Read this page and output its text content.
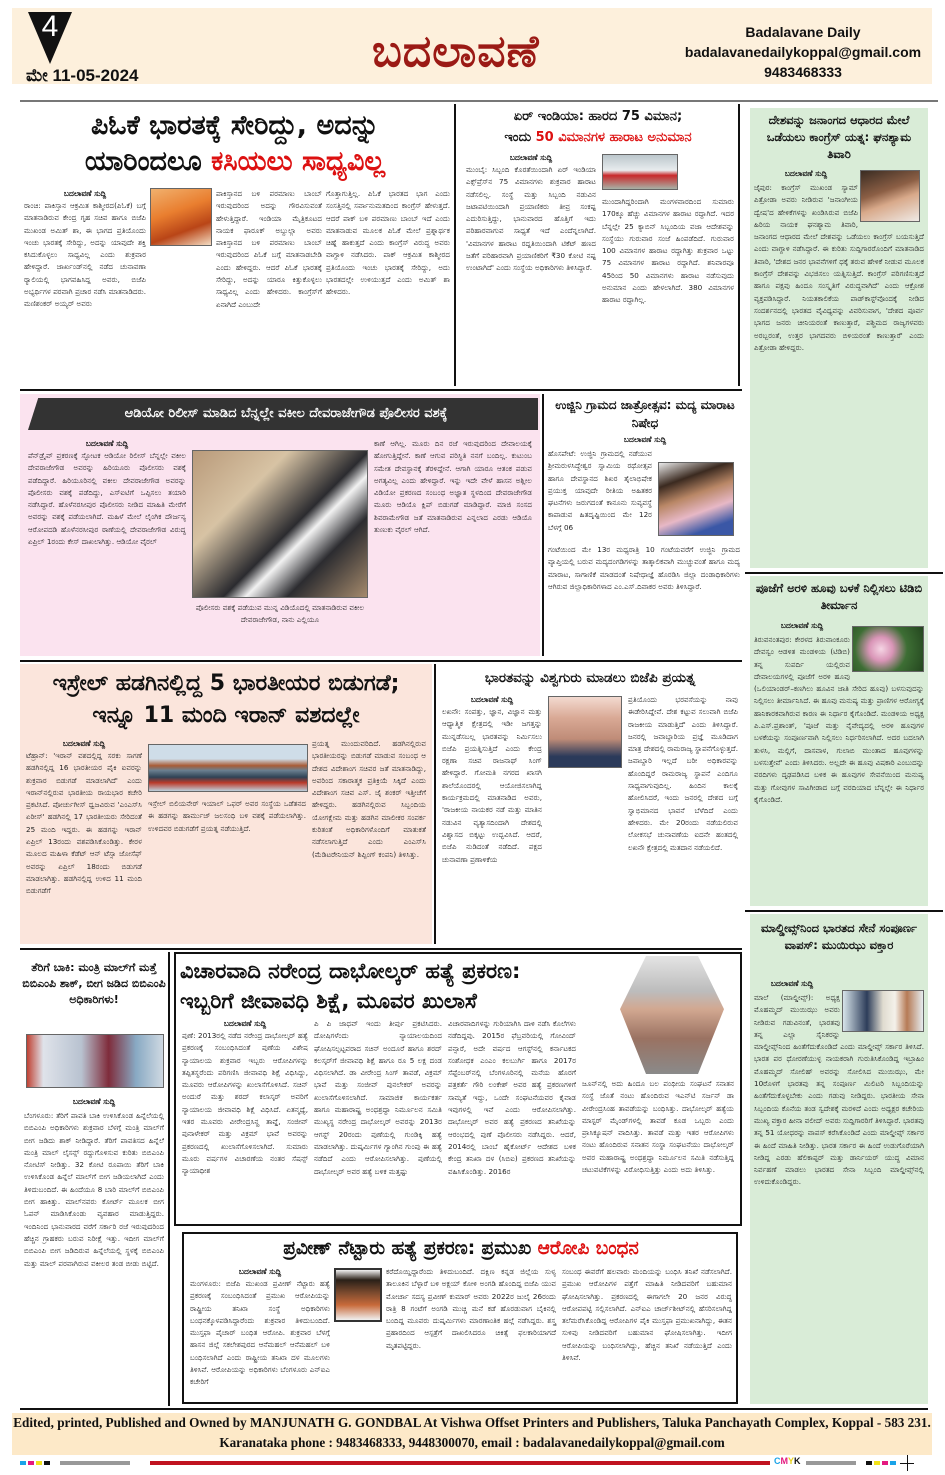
4
ಮೇ 11-05-2024	ಬದಲಾವಣೆ	Badalavane Daily
badalavanedailykoppal@gmail.com
9483468333
ಪಿಓಕೆ ಭಾರತಕ್ಕೆ ಸೇರಿದ್ದು, ಅದನ್ನು
ಯಾರಿಂದಲೂ ಕಸಿಯಲು ಸಾಧ್ಯವಿಲ್ಲ
ಬದಲಾವಣೆ ಸುದ್ದಿ
ರಾಂಚಿ: ಪಾಕಿಸ್ತಾನ ಆಕ್ರಮಿತ ಕಾಶ್ಮೀರದ(ಪಿಓಕೆ) ಬಗ್ಗೆ ಮಾತನಾಡಿರುವ ಕೇಂದ್ರ ಗೃಹ ಸಚಿವ ಹಾಗೂ ಬಿಜೆಪಿ ಮುಖಂಡ ಅಮಿತ್ ಶಾ, ಈ ಭಾಗದ ಪ್ರತಿಯೊಂದು ಇಂಚು ಭಾರತಕ್ಕೆ ಸೇರಿದ್ದು, ಅದನ್ನು ಯಾವುದೇ ಶಕ್ತಿ ಕಸಿದುಕೊಳ್ಳಲು ಸಾಧ್ಯವಿಲ್ಲ ಎಂದು ಶುಕ್ರವಾರ ಹೇಳಿದ್ದಾರೆ. ಜಾರ್ಖಂಡ್‌ನಲ್ಲಿ ನಡೆದ ಚುನಾವಣಾ ರ್‍ಯಾಲಿಯಲ್ಲಿ ಭಾಗವಹಿಸಿದ್ದ ಅವರು, ಬಿಜೆಪಿ ಅಭ್ಯರ್ಥಿಗಳ ಪರವಾಗಿ ಪ್ರಚಾರ ನಡೆಸಿ ಮಾತನಾಡಿದರು. ಮಣಿಶಂಕರ್ ಅಯ್ಯರ್ ಅವರು
ಪಾಕಿಸ್ತಾನದ ಬಳಿ ಪರಮಾಣು ಬಾಂಬ್ ಇರುವುದರಿಂದ ಅದನ್ನು ಗೌರವಿಸುವಂತೆ ಹೇಳುತ್ತಿದ್ದಾರೆ. ಇಂಡಿಯಾ ಮೈತ್ರಿಕೂಟದ ನಾಯಕ ಫಾರೂಕ್ ಅಬ್ದುಲ್ಲಾ ಅವರು ಪಾಕಿಸ್ತಾನದ ಬಳಿ ಪರಮಾಣು ಬಾಂಬ್ ಇರುವುದರಿಂದ ಪಿಓಕೆ ಬಗ್ಗೆ ಮಾತನಾಡಬೇಡಿ ಎಂದು ಹೇಳಿದ್ದರು. ಆದರೆ ಪಿಓಕೆ ಭಾರತಕ್ಕೆ ಸೇರಿದ್ದು, ಅದನ್ನು ಯಾರೂ ಕಿತ್ತುಕೊಳ್ಳಲು ಸಾಧ್ಯವಿಲ್ಲ ಎಂದು ಹೇಳಿದರು. ಕಾಂಗ್ರೆಸ್‌ಗೆ ಏನಾಗಿದೆ ಎಂಬುದೇ
ಗೊತ್ತಾಗುತ್ತಿಲ್ಲ. ಪಿಓಕೆ ಭಾರತದ ಭಾಗ ಎಂದು ಸಂಸತ್ತಿನಲ್ಲಿ ಸರ್ವಾನುಮತದಿಂದ ಕಾಂಗ್ರೆಸ್ ಹೇಳುತ್ತದೆ. ಆದರೆ ಪಾಕ್ ಬಳಿ ಪರಮಾಣು ಬಾಂಬ್ ಇದೆ ಎಂದು ಮಾತನಾಡುವ ಮೂಲಕ ಪಿಓಕೆ ಮೇಲೆ ಪ್ರಶ್ನಾರ್ಥಕ ಚಿಹ್ನೆ ಹಾಕುತ್ತದೆ ಎಂದು ಕಾಂಗ್ರೆಸ್ ವಿರುದ್ಧ ಅವರು ವಾಗ್ದಾಳಿ ನಡೆಸಿದರು. ಪಾಕ್ ಆಕ್ರಮಿತ ಕಾಶ್ಮೀರದ ಪ್ರತಿಯೊಂದು ಇಂಚು ಭಾರತಕ್ಕೆ ಸೇರಿದ್ದು, ಅದು ಭಾರತದಲ್ಲೇ ಉಳಿಯುತ್ತದೆ ಎಂದು ಅಮಿತ್ ಶಾ ಹೇಳಿದರು.
ಏರ್ ಇಂಡಿಯಾ: ಹಾರದ 75 ವಿಮಾನ;
ಇಂದು 50 ವಿಮಾನಗಳ ಹಾರಾಟ ಅನುಮಾನ
ಬದಲಾವಣೆ ಸುದ್ದಿ
ಮುಂಬೈ: ಸಿಬ್ಬಂದಿ ಕೊರತೆಯಿಂದಾಗಿ ಏರ್ ಇಂಡಿಯಾ ಎಕ್ಸ್‌ಪ್ರೆಸ್‌ನ 75 ವಿಮಾನಗಳು ಶುಕ್ರವಾರ ಹಾರಾಟ ನಡೆಸಲಿಲ್ಲ. ಸಂಸ್ಥೆ ಮತ್ತು ಸಿಬ್ಬಂದಿ ನಡುವಿನ ಜಟಾಪಟಿಯಿಂದಾಗಿ ಪ್ರಯಾಣಿಕರು ತೀವ್ರ ಸಂಕಷ್ಟ ಎದುರಿಸುತ್ತಿದ್ದು, ಭಾನುವಾರದ ಹೊತ್ತಿಗೆ ಇದು ಪರಿಹಾರವಾಗುವ ಸಾಧ್ಯತೆ ಇದೆ ಎಂದೆನ್ನಲಾಗಿದೆ. 'ವಿಮಾನಗಳ ಹಾರಾಟ ರದ್ದತಿಯಿಂದಾಗಿ ಟಿಕೆಟ್ ಹಣದ ಜತೆಗೆ ಪರಿಹಾರವಾಗಿ ಪ್ರಯಾಣಿಕರಿಗೆ ₹30 ಕೋಟಿ ನಷ್ಟ ಉಂಟಾಗಿದೆ' ಎಂದು ಸಂಸ್ಥೆಯ ಅಧಿಕಾರಿಗಳು ತಿಳಿಸಿದ್ದಾರೆ.
ಮುಂದಾಗಿದ್ದರಿಂದಾಗಿ ಮಂಗಳವಾರದಿಂದ ಸುಮಾರು 170ಕ್ಕೂ ಹೆಚ್ಚು ವಿಮಾನಗಳ ಹಾರಾಟ ರದ್ದಾಗಿದೆ. ಇದರ ಬೆನ್ನಲ್ಲೇ 25 ಕ್ಯಾಬಿನ್ ಸಿಬ್ಬಂದಿಯ ವಜಾ ಆದೇಶವನ್ನು ಸಂಸ್ಥೆಯು ಗುರುವಾರ ಸಂಜೆ ಹಿಂಪಡೆದಿದೆ. ಗುರುವಾರ 100 ವಿಮಾನಗಳ ಹಾರಾಟ ರದ್ದಾಗಿತ್ತು ಶುಕ್ರವಾರ ಒಟ್ಟು 75 ವಿಮಾನಗಳ ಹಾರಾಟ ರದ್ದಾಗಿದೆ. ಶನಿವಾರವೂ 45ರಿಂದ 50 ವಿಮಾನಗಳು ಹಾರಾಟ ನಡೆಸುವುದು ಅನುಮಾನ ಎಂದು ಹೇಳಲಾಗಿದೆ. 380 ವಿಮಾನಗಳ ಹಾರಾಟ ರದ್ದಾಗಿಲ್ಲ.
ದೇಶವನ್ನು ಜನಾಂಗದ ಆಧಾರದ ಮೇಲೆ ಒಡೆಯಲು ಕಾಂಗ್ರೆಸ್ ಯತ್ನ: ಘನಶ್ಯಾಮ ತಿವಾರಿ
ಬದಲಾವಣೆ ಸುದ್ದಿ
ಜೈಪುರ: ಕಾಂಗ್ರೆಸ್ ಮುಖಂಡ ಸ್ಯಾಮ್ ಪಿತ್ರೋಡಾ ಅವರು ನೀಡಿರುವ 'ಜನಾಂಗೀಯ ದ್ವೇಷ'ದ ಹೇಳಿಕೆಗಳನ್ನು ಖಂಡಿಸಿರುವ ಬಿಜೆಪಿ ಹಿರಿಯ ನಾಯಕ ಘನಶ್ಯಾಮ ತಿವಾರಿ, ಜನಾಂಗದ ಆಧಾರದ ಮೇಲೆ ದೇಶವನ್ನು ಒಡೆಯಲು ಕಾಂಗ್ರೆಸ್ ಬಯಸುತ್ತಿದೆ ಎಂದು ವಾಗ್ದಾಳಿ ನಡೆಸಿದ್ದಾರೆ. ಈ ಕುರಿತು ಸುದ್ದಿಗಾರರೊಂದಿಗೆ ಮಾತನಾಡಿದ ತಿವಾರಿ, 'ದೇಶದ ಜನರ ಭಾವನೆಗಳಿಗೆ ಧಕ್ಕೆ ತರುವ ಹೇಳಿಕೆ ನೀಡುವ ಮೂಲಕ ಕಾಂಗ್ರೆಸ್ ದೇಶವನ್ನು ವಿಭಜಿಸಲು ಯತ್ನಿಸುತ್ತಿದೆ. ಕಾಂಗ್ರೆಸ್ ಪರಿಗಣಿಸುತ್ತದೆ ಹಾಗೂ ಪಕ್ಷವು ಹಿಂದೂ ಸಂಸ್ಕೃತಿಗೆ ವಿರುದ್ಧವಾಗಿದೆ' ಎಂದು ಆಕ್ರೋಶ ವ್ಯಕ್ತಪಡಿಸಿದ್ದಾರೆ. ನಿಯತಕಾಲಿಕೆಯ ಪಾಡ್‌ಕಾಸ್ಟ್‌ವೊಂದಕ್ಕೆ ನೀಡಿದ ಸಂದರ್ಶನದಲ್ಲಿ ಭಾರತದ ವೈವಿಧ್ಯವನ್ನು ವಿವರಿಸುವಾಗ, 'ದೇಶದ ಪೂರ್ವ ಭಾಗದ ಜನರು ಚೀನಿಯರಂತೆ ಕಾಣುತ್ತಾರೆ, ಪಶ್ಚಿಮದ ರಾಜ್ಯಗಳವರು ಅರಬ್ಬರಂತೆ, ಉತ್ತರ ಭಾಗದವರು ಬಿಳಿಯರಂತೆ ಕಾಣುತ್ತಾರೆ' ಎಂದು ಪಿತ್ರೋಡಾ ಹೇಳಿದ್ದರು.
ಆಡಿಯೋ ರಿಲೀಸ್ ಮಾಡಿದ ಬೆನ್ನಲ್ಲೇ ವಕೀಲ ದೇವರಾಜೇಗೌಡ ಪೊಲೀಸರ ವಶಕ್ಕೆ
ಬದಲಾವಣೆ ಸುದ್ದಿ
ಪೆನ್‌ಡ್ರೈವ್ ಪ್ರಕರಣಕ್ಕೆ ಸ್ಫೋಟಕ ಆಡಿಯೋ ರಿಲೀಸ್ ಬೆನ್ನಲ್ಲೇ ವಕೀಲ ದೇವರಾಜೇಗೌಡ ಅವರನ್ನು ಹಿರಿಯೂರು ಪೊಲೀಸರು ವಶಕ್ಕೆ ಪಡೆದಿದ್ದಾರೆ. ಹಿರಿಯೂರಿನಲ್ಲಿ ವಕೀಲ ದೇವರಾಜೇಗೌಡ ಅವರನ್ನು ಪೊಲೀಸರು ವಶಕ್ಕೆ ಪಡೆದಿದ್ದು, ಎಸ್‌ಐಟಿಗೆ ಒಪ್ಪಿಸಲು ತಯಾರಿ ನಡೆಸಿದ್ದಾರೆ. ಹೊಳೆನರಸೀಪುರ ಪೊಲೀಸರು ನೀಡಿದ ಮಾಹಿತಿ ಮೇರೆಗೆ ಅವರನ್ನು ವಶಕ್ಕೆ ಪಡೆಯಲಾಗಿದೆ. ಮಹಿಳೆ ಮೇಲೆ ಲೈಂಗಿಕ ದೌರ್ಜನ್ಯ ಆರೋಪದಡಿ ಹೊಳೆನರಸೀಪುರ ಠಾಣೆಯಲ್ಲಿ ದೇವರಾಜೇಗೌಡ ವಿರುದ್ಧ ಏಪ್ರಿಲ್ 1ರಂದು ಕೇಸ್ ದಾಖಲಾಗಿತ್ತು. ಆಡಿಯೋ ವೈರಲ್
ಪೊಲೀಸರು ವಶಕ್ಕೆ ಪಡೆಯುವ ಮುನ್ನ ವಿಡಿಯೊದಲ್ಲಿ ಮಾತನಾಡಿರುವ ವಕೀಲ ದೇವರಾಜೇಗೌಡ, ನಾನು ಎಲ್ಲಿಯೂ
ಕಾಣೆ ಆಗಿಲ್ಲ. ಮೂರು ದಿನ ರಜೆ ಇರುವುದರಿಂದ ದೇವಾಲಯಕ್ಕೆ ಹೋಗುತ್ತಿದ್ದೇನೆ. ಕಾಣೆ ಆಗುವ ಪರಿಸ್ಥಿತಿ ನನಗೆ ಬಂದಿಲ್ಲ. ಕುಟುಂಬ ಸಮೇತ ದೇವಸ್ಥಾನಕ್ಕೆ ತೆರಳಿದ್ದೇನೆ. ಆಗಾಗಿ ಯಾರೂ ಆತಂಕ ಪಡುವ ಅಗತ್ಯವಿಲ್ಲ ಎಂದು ಹೇಳಿದ್ದಾರೆ. ಇನ್ನು ಇದೇ ವೇಳೆ ಹಾಸನ ಅಶ್ಲೀಲ ವಿಡಿಯೋ ಪ್ರಕರಣದ ಸಂಬಂಧ ಅಜ್ಞಾತ ಸ್ಥಳದಿಂದ ದೇವರಾಜೇಗೌಡ ಮೂರು ಆಡಿಯೊ ಕ್ಲಿಪ್ ಬಿಡುಗಡೆ ಮಾಡಿದ್ದಾರೆ. ಮಾಜಿ ಸಂಸದ ಶಿವರಾಮೇಗೌಡ ಜತೆ ಮಾತನಾಡಿರುವ ಎನ್ನಲಾದ ಎರಡು ಆಡಿಯೊ ತುಣುಕು ವೈರಲ್ ಆಗಿದೆ.
ಉಜ್ಜಿನಿ ಗ್ರಾಮದ ಜಾತ್ರೋತ್ಸವ: ಮದ್ಯ ಮಾರಾಟ ನಿಷೇಧ
ಬದಲಾವಣೆ ಸುದ್ದಿ
ಹೊಸಪೇಟೆ: ಉಜ್ಜಿನಿ ಗ್ರಾಮದಲ್ಲಿ ನಡೆಯುವ ಶ್ರೀಮರುಳಸಿದ್ಧೇಶ್ವರ ಸ್ವಾಮಿಯ ರಥೋತ್ಸವ ಹಾಗೂ ದೇವಸ್ಥಾನದ ಶಿಖರ ತೈಲಾಭಿಷೇಕ ಪ್ರಯುಕ್ತ ಯಾವುದೇ ರೀತಿಯ ಅಹಿತಕರ ಘಟನೆಗಳು ಜರುಗದಂತೆ ಕಾನೂನು ಸುವ್ಯವಸ್ಥೆ ಕಾಪಾಡುವ ಹಿತದೃಷ್ಟಿಯಿಂದ ಮೇ 12ರ ಬೆಳಗ್ಗೆ 06
ಗಂಟೆಯಿಂದ ಮೇ 13ರ ಮಧ್ಯರಾತ್ರಿ 10 ಗಂಟೆಯವರೆಗೆ ಉಜ್ಜಿನಿ ಗ್ರಾಮದ ವ್ಯಾಪ್ತಿಯಲ್ಲಿ ಬರುವ ಮದ್ಯದಂಗಡಿಗಳನ್ನು ತಾತ್ಕಾಲಿಕವಾಗಿ ಮುಚ್ಚುವಂತೆ ಹಾಗೂ ಮದ್ಯ ಮಾರಾಟ, ಸಾಗಾಣಿಕೆ ಮಾಡದಂತೆ ನಿಷೇಧಾಜ್ಞೆ ಹೊರಡಿಸಿ ಜಿಲ್ಲಾ ದಂಡಾಧಿಕಾರಿಗಳು ಆಗಿರುವ ಜಿಲ್ಲಾಧಿಕಾರಿಗಳಾದ ಎಂ.ಎಸ್.ದಿವಾಕರ ಅವರು ತಿಳಿಸಿದ್ದಾರೆ.	ಪೂಜೆಗೆ ಅರಳಿ ಹೂವು ಬಳಕೆ ನಿಲ್ಲಿಸಲು ಟಿಡಿಬಿ ತೀರ್ಮಾನ
ಬದಲಾವಣೆ ಸುದ್ದಿ
ತಿರುವನಂತಪುರ: ಕೇರಳದ ತಿರುವಾಂಕೂರು ದೇವಸ್ವಂ ಆಡಳಿತ ಮಂಡಳಿಯ (ಟಿಡಿಬಿ) ತನ್ನ ಸುಪರ್ದಿ ಯಲ್ಲಿರುವ ದೇವಾಲಯಗಳಲ್ಲಿ ಪೂಜೆಗೆ ಅರಳಿ ಹೂವು (ಒಲಿಯಾಂಡರ್–ಕಣಗಿಲು ಹೂವಿನ ಜಾತಿ ಸೇರಿದ ಹೂವು) ಬಳಸುವುದನ್ನು ನಿಲ್ಲಿಸಲು ತೀರ್ಮಾನಿಸಿದೆ. ಈ ಹೂವು ಮನುಷ್ಯ ಮತ್ತು ಪ್ರಾಣಿಗಳ ಆರೋಗ್ಯಕ್ಕೆ ಹಾನಿಕಾರಕವಾಗಿರುವ ಕಾರಣ ಈ ನಿರ್ಧಾರ ಕೈಗೊಂಡಿದೆ. ಮಂಡಳಿಯ ಅಧ್ಯಕ್ಷ ಪಿ.ಎಸ್.ಪ್ರಶಾಂತ್, 'ಪೂಜೆ ಮತ್ತು ನೈವೇದ್ಯದಲ್ಲಿ ಅರಳಿ ಹೂವುಗಳ ಬಳಕೆಯನ್ನು ಸಂಪೂರ್ಣವಾಗಿ ನಿಲ್ಲಿಸಲು ನಿರ್ಧರಿಸಲಾಗಿದೆ. ಅದರ ಬದಲಾಗಿ ತುಳಸಿ, ಮಲ್ಲಿಗೆ, ದಾಸವಾಳ, ಗುಲಾಬಿ ಮುಂತಾದ ಹೂವುಗಳನ್ನು ಬಳಸುತ್ತೇವೆ' ಎಂದು ತಿಳಿಸಿದರು. ಅಲ್ಲದೇ ಈ ಹೂವು ವಿಷಕಾರಿ ಎಂಬುದನ್ನು ವರದಿಗಳು ದೃಢಪಡಿಸಿದ ಬಳಿಕ ಈ ಹೂವುಗಳ ಸೇವನೆಯಿಂದ ಮನುಷ್ಯ ಮತ್ತು ಗೋವುಗಳ ಸಾವಿಗೀಡಾದ ಬಗ್ಗೆ ವರದಿಯಾದ ಬೆನ್ನಲ್ಲೇ ಈ ನಿರ್ಧಾರ ಕೈಗೊಂಡಿದೆ.
ಇಸ್ರೇಲ್ ಹಡಗಿನಲ್ಲಿದ್ದ 5 ಭಾರತೀಯರ ಬಿಡುಗಡೆ;
ಇನ್ನೂ 11 ಮಂದಿ ಇರಾನ್ ವಶದಲ್ಲೇ
ಬದಲಾವಣೆ ಸುದ್ದಿ
ಟೆಹ್ರಾನ್: 'ಇರಾನ್ ವಶದಲ್ಲಿದ್ದ ಸರಕು ಸಾಗಣೆ ಹಡಗಿನಲ್ಲಿದ್ದ 16 ಭಾರತೀಯರ ಪೈಕಿ ಐವರನ್ನು ಶುಕ್ರವಾರ ಬಿಡುಗಡೆ ಮಾಡಲಾಗಿದೆ' ಎಂದು ಇರಾನ್‌ನಲ್ಲಿರುವ ಭಾರತೀಯ ರಾಯಭಾರ ಕಚೇರಿ ಪ್ರಕಟಿಸಿದೆ. ಪೋರ್ಚುಗೀಸ್ ಧ್ವಜವಿರುವ 'ಎಂಎಸ್‌ಸಿ ಏರೀಸ್' ಹಡಗಿನಲ್ಲಿ 17 ಭಾರತೀಯರು ಸೇರಿದಂತೆ 25 ಮಂದಿ ಇದ್ದರು. ಈ ಹಡಗನ್ನು ಇರಾನ್ ಏಪ್ರಿಲ್ 13ರಂದು ವಶಪಡಿಸಿಕೊಂಡಿತ್ತು. ಕೇರಳ ಮೂಲದ ಮಹಿಳಾ ಕೆಡೆಟ್ ಆನ್ ಟೆಸ್ಸಾ ಜೋಸೆಫ್ ಅವರನ್ನು ಏಪ್ರಿಲ್ 18ರಂದು ಬಿಡುಗಡೆ ಮಾಡಲಾಗಿತ್ತು. ಹಡಗಿನಲ್ಲಿದ್ದ ಉಳಿದ 11 ಮಂದಿ ಬಿಡುಗಡೆಗೆ
ಇಸ್ರೇಲ್ ಬಿಲಿಯನೇರ್ ಇಯಾಲ್ ಒಫರ್ ಅವರ ಸಂಸ್ಥೆಯ ಒಡೆತನದ ಈ ಹಡಗನ್ನು ಹಾರ್ಮುಜ್ ಜಲಸಂಧಿ ಬಳಿ ವಶಕ್ಕೆ ಪಡೆಯಲಾಗಿತ್ತು. ಉಳಿದವರ ಬಿಡುಗಡೆಗೆ ಪ್ರಯತ್ನ ನಡೆಯುತ್ತಿದೆ.
ಪ್ರಯತ್ನ ಮುಂದುವರಿದಿದೆ. ಹಡಗಿನಲ್ಲಿರುವ ಭಾರತೀಯರನ್ನು ಬಿಡುಗಡೆ ಮಾಡುವ ಸಂಬಂಧ ಆ ದೇಶದ ವಿದೇಶಾಂಗ ಸಚಿವರ ಜತೆ ಮಾತನಾಡಿದ್ದು, ಅವರಿಂದ ಸಕಾರಾತ್ಮಕ ಪ್ರತಿಕ್ರಿಯೆ ಸಿಕ್ಕಿದೆ ಎಂದು ವಿದೇಶಾಂಗ ಸಚಿವ ಎಸ್. ಜೈ ಶಂಕರ್ ಇತ್ತೀಚೆಗೆ ಹೇಳಿದ್ದರು. ಹಡಗಿನಲ್ಲಿರುವ ಸಿಬ್ಬಂದಿಯ ಯೋಗಕ್ಷೇಮ ಮತ್ತು ಹಡಗಿನ ಮಾಲೀಕರ ಸಂಪರ್ಕ ಕುರಿತಂತೆ ಅಧಿಕಾರಿಗಳೊಂದಿಗೆ ಮಾತುಕತೆ ನಡೆಸಲಾಗುತ್ತಿದೆ ಎಂದು ಎಂಎಸ್‌ಸಿ (ಮೆಡಿಟರೇನಿಯನ್ ಶಿಪ್ಪಿಂಗ್ ಕಂಪನಿ) ತಿಳಿಸಿತ್ತು.
ಭಾರತವನ್ನು ವಿಶ್ವಗುರು ಮಾಡಲು ಬಿಜೆಪಿ ಪ್ರಯತ್ನ
ಬದಲಾವಣೆ ಸುದ್ದಿ
ಲಖನೌ: ಸಂಪತ್ತು, ಜ್ಞಾನ, ವಿಜ್ಞಾನ ಮತ್ತು ಆಧ್ಯಾತ್ಮಿಕ ಕ್ಷೇತ್ರದಲ್ಲಿ ಇಡೀ ಜಗತ್ತನ್ನು ಮುನ್ನಡೆಸಬಲ್ಲ ಭಾರತವನ್ನು ನಿರ್ಮಿಸಲು ಬಿಜೆಪಿ ಪ್ರಯತ್ನಿಸುತ್ತಿದೆ ಎಂದು ಕೇಂದ್ರ ರಕ್ಷಣಾ ಸಚಿವ ರಾಜನಾಥ್ ಸಿಂಗ್ ಹೇಳಿದ್ದಾರೆ. ಗೋಮತಿ ನಗರದ ಖಾಸಗಿ ಶಾಲೆಯೊಂದರಲ್ಲಿ ಆಯೋಜಿಸಲಾಗಿದ್ದ ಕಾರ್ಯಕ್ರಮದಲ್ಲಿ ಮಾತನಾಡಿದ ಅವರು, 'ರಾಜಕೀಯ ನಾಯಕರ ನಡೆ ಮತ್ತು ಮಾತಿನ ನಡುವಿನ ವ್ಯತ್ಯಾಸದಿಂದಾಗಿ ದೇಶದಲ್ಲಿ ವಿಶ್ವಾಸದ ಬಿಕ್ಕಟ್ಟು ಉದ್ಭವಿಸಿದೆ. ಆದರೆ, ಬಿಜೆಪಿ ನುಡಿದಂತೆ ನಡೆದಿದೆ. ಪಕ್ಷದ ಚುನಾವಣಾ ಪ್ರಣಾಳಿಕೆಯ
ಪ್ರತಿಯೊಂದು ಭರವಸೆಯನ್ನು ನಾವು ಈಡೇರಿಸಿದ್ದೇವೆ. ದೇಶ ಕಟ್ಟುವ ಸಲುವಾಗಿ ಬಿಜೆಪಿ ರಾಜಕೀಯ ಮಾಡುತ್ತಿದೆ' ಎಂದು ತಿಳಿಸಿದ್ದಾರೆ. ಜನರಲ್ಲಿ ಜವಾಬ್ದಾರಿಯ ಪ್ರಜ್ಞೆ ಮೂಡಿದಾಗ ಮಾತ್ರ ದೇಶದಲ್ಲಿ ರಾಮರಾಜ್ಯ ಸ್ಥಾಪನೆಗೊಳ್ಳುತ್ತದೆ. ಜವಾಬ್ದಾರಿ ಇಲ್ಲದೆ ಬರೀ ಅಧಿಕಾರವನ್ನು ಹೊಂದಿದ್ದರೆ ರಾಮರಾಜ್ಯ ಸ್ಥಾಪನೆ ಎಂದಿಗೂ ಸಾಧ್ಯವಾಗುವುದಿಲ್ಲ. ಹಿಂದಿನ ಕಾಲಕ್ಕೆ ಹೋಲಿಸಿದರೆ, ಇಂದು ಜನರಲ್ಲಿ ದೇಶದ ಬಗ್ಗೆ ಸ್ವಾಭಿಮಾನದ ಭಾವನೆ ಬೆಳೆದಿದೆ ಎಂದು ಹೇಳಿದರು. ಮೇ 20ರಂದು ನಡೆಯಲಿರುವ ಲೋಕಸಭೆ ಚುನಾವಣೆಯ ಐದನೇ ಹಂತದಲ್ಲಿ ಲಖನೌ ಕ್ಷೇತ್ರದಲ್ಲಿ ಮತದಾನ ನಡೆಯಲಿದೆ.
ಮಾಲ್ಡೀವ್ಸ್‌ನಿಂದ ಭಾರತದ ಸೇನೆ ಸಂಪೂರ್ಣ ವಾಪಸ್: ಮುಯಿಝು ವಕ್ತಾರ
ಬದಲಾವಣೆ ಸುದ್ದಿ
ಮಾಲೆ (ಮಾಲ್ಡೀವ್ಸ್): ಅಧ್ಯಕ್ಷ ಮೊಹಮ್ಮದ್ ಮುಯಿಝು ಅವರು ನೀಡಿರುವ ಗಡುವಿನಂತೆ, ಭಾರತವು ತನ್ನ ಎಲ್ಲಾ ಸೈನಿಕರನ್ನು ಮಾಲ್ಡೀವ್ಸ್‌ನಿಂದ ಹಿಂತೆಗೆದುಕೊಂಡಿದೆ ಎಂದು ಮಾಲ್ಡೀವ್ಸ್ ಸರ್ಕಾರ ತಿಳಿಸಿದೆ. ಭಾರತ ಪರ ಧೋರಣೆಯುಳ್ಳ ನಾಯಕರಾಗಿ ಗುರುತಿಸಿಕೊಂಡಿದ್ದ ಇಬ್ರಾಹಿಂ ಮೊಹಮ್ಮದ್ ಸೋಲಿಹ್ ಅವರನ್ನು ಸೋಲಿಸಿದ ಮುಯಿಝು, ಮೇ 10ರೊಳಗೆ ಭಾರತವು ತನ್ನ ಸಂಪೂರ್ಣ ಮಿಲಿಟರಿ ಸಿಬ್ಬಂದಿಯನ್ನು ಹಿಂತೆಗೆದುಕೊಳ್ಳಬೇಕು ಎಂದು ಗಡುವು ನೀಡಿದ್ದರು. ಭಾರತೀಯ ಸೇನಾ ಸಿಬ್ಬಂದಿಯ ಕೊನೆಯ ತಂಡ ಸ್ವದೇಶಕ್ಕೆ ಮರಳಿದೆ ಎಂದು ಅಧ್ಯಕ್ಷರ ಕಚೇರಿಯ ಮುಖ್ಯ ವಕ್ತಾರ ಹೀನಾ ವಲೀದ್ ಅವರು ಸುದ್ದಿಗಾರರಿಗೆ ತಿಳಿಸಿದ್ದಾರೆ. ಭಾರತವು ತನ್ನ 51 ಯೋಧರನ್ನು ವಾಪಸ್ ಕರೆಸಿಕೊಂಡಿದೆ ಎಂದು ಮಾಲ್ಡೀವ್ಸ್ ಸರ್ಕಾರ ಈ ಹಿಂದೆ ಮಾಹಿತಿ ನೀಡಿತ್ತು. ಭಾರತ ಸರ್ಕಾರ ಈ ಹಿಂದೆ ಉಡುಗೊರೆಯಾಗಿ ನೀಡಿದ್ದ ಎರಡು ಹೆಲಿಕಾಪ್ಟರ್ ಮತ್ತು ಡಾರ್ನಿಯರ್ ಯುದ್ಧ ವಿಮಾನ ನಿರ್ವಹಣೆ ಮಾಡಲು ಭಾರತದ ಸೇನಾ ಸಿಬ್ಬಂದಿ ಮಾಲ್ಡೀವ್ಸ್‌ನಲ್ಲಿ ಉಳಿದುಕೊಂಡಿದ್ದರು.
ತೆರಿಗೆ ಬಾಕಿ: ಮಂತ್ರಿ ಮಾಲ್‌ಗೆ ಮತ್ತೆ ಬಿಬಿಎಂಪಿ ಶಾಕ್, ಬೀಗ ಜಡಿದ ಬಿಬಿಎಂಪಿ ಅಧಿಕಾರಿಗಳು!
ಬದಲಾವಣೆ ಸುದ್ದಿ
ಬೆಂಗಳೂರು: ತೆರಿಗೆ ಪಾವತಿ ಬಾಕಿ ಉಳಿಸಿಕೊಂಡ ಹಿನ್ನೆಲೆಯಲ್ಲಿ ಬಿಬಿಎಂಪಿ ಅಧಿಕಾರಿಗಳು ಶುಕ್ರವಾರ ಬೆಳಗ್ಗೆ ಮಂತ್ರಿ ಮಾಲ್‌ಗೆ ಬೀಗ ಜಡಿದು ಶಾಕ್ ನೀಡಿದ್ದಾರೆ. ತೆರಿಗೆ ಪಾವತಿಸದ ಹಿನ್ನೆಲೆ ಮಂತ್ರಿ ಮಾಲ್ ಲೈಸನ್ಸ್ ರದ್ದುಗೊಳಿಸುವ ಕುರಿತು ಬಿಬಿಎಂಪಿ ನೋಟಿಸ್ ನೀಡಿತ್ತು. 32 ಕೋಟಿ ರೂಪಾಯಿ ತೆರಿಗೆ ಬಾಕಿ ಉಳಿಸಿಕೊಂಡ ಹಿನ್ನೆಲೆ ಮಾಲ್‌ಗೆ ಬೀಗ ಜಡಿಯಲಾಗಿದೆ ಎಂದು ತಿಳಿದುಬಂದಿದೆ. ಈ ಹಿಂದೆಯೂ 8 ಬಾರಿ ಮಾಲ್‌ಗೆ ಬಿಬಿಎಂಪಿ ಬೀಗ ಹಾಕಿತ್ತು. ಮಾಲ್‌ನವರು ಕೋರ್ಟ್ ಮೂಲಕ ಬೀಗ ಓಪನ್ ಮಾಡಿಸಿಕೊಂಡು ವ್ಯವಹಾರ ಮಾಡುತ್ತಿದ್ದರು. ಇಂದಿನಿಂದ ಭಾನುವಾರದ ವರೆಗೆ ಸರ್ಕಾರಿ ರಜೆ ಇರುವುದರಿಂದ ಹೆಚ್ಚಿನ ಗ್ರಾಹಕರು ಬರುವ ನಿರೀಕ್ಷೆ ಇತ್ತು. ಇದೀಗ ಮಾಲ್‌ಗೆ ಬಿಬಿಎಂಪಿ ಬೀಗ ಜಡಿದಿರುವ ಹಿನ್ನೆಲೆಯಲ್ಲಿ ಸ್ಥಳಕ್ಕೆ ಬಿಬಿಎಂಪಿ ಮತ್ತು ಮಾಲ್ ಪರವಾಗಿರುವ ವಕೀಲರ ತಂಡ ಬೀಡು ಬಿಟ್ಟಿದೆ.
ವಿಚಾರವಾದಿ ನರೇಂದ್ರ ದಾಭೋಲ್ಕರ್ ಹತ್ಯೆ ಪ್ರಕರಣ:
ಇಬ್ಬರಿಗೆ ಜೀವಾವಧಿ ಶಿಕ್ಷೆ, ಮೂವರ ಖುಲಾಸೆ
ಬದಲಾವಣೆ ಸುದ್ದಿ
ಪುಣೆ: 2013ರಲ್ಲಿ ನಡೆದ ನರೇಂದ್ರ ದಾಭೋಲ್ಕರ್ ಹತ್ಯೆ ಪ್ರಕರಣಕ್ಕೆ ಸಂಬಂಧಿಸಿದಂತೆ ಪುಣೆಯ ವಿಶೇಷ ನ್ಯಾಯಾಲಯ ಶುಕ್ರವಾರ ಇಬ್ಬರು ಆರೋಪಿಗಳನ್ನು ತಪ್ಪಿತಸ್ಥರೆಂದು ಪರಿಗಣಿಸಿ ಜೀವಾವಧಿ ಶಿಕ್ಷೆ ವಿಧಿಸಿದ್ದು, ಮೂವರು ಆರೋಪಿಗಳನ್ನು ಖುಲಾಸೆಗೊಳಿಸಿದೆ. ಸಚಿನ್ ಅಂದುರೆ ಮತ್ತು ಶರದ್ ಕಲಾಸ್ಕರ್ ಅವರಿಗೆ ನ್ಯಾಯಾಲಯ ಜೀವಾವಧಿ ಶಿಕ್ಷೆ ವಿಧಿಸಿದೆ. ಏತನ್ಮಧ್ಯೆ, ಇತರ ಮೂವರು ವೀರೇಂದ್ರಸಿನ್ಹ ತಾವ್ಡೆ, ಸಂಜೀವ್ ಪುನಾಳೇಕರ್ ಮತ್ತು ವಿಕ್ರಮ್ ಭಾವೆ ಅವರನ್ನು ಪ್ರಕರಣದಲ್ಲಿ ಖುಲಾಸೆಗೊಳಿಸಲಾಗಿದೆ. ಸುಮಾರು ಮೂರು ವರ್ಷಗಳ ವಿಚಾರಣೆಯ ನಂತರ ಸೆಷನ್ಸ್ ನ್ಯಾಯಾಧೀಶ
ಪಿ ಪಿ ಜಾಧವ್ ಇಂದು ತೀರ್ಪು ಪ್ರಕಟಿಸಿದರು. ದೋಷಿಗಳೆಂದು ನ್ಯಾಯಾಲಯದಿಂದ ಘೋಷಿಸಲ್ಪಟ್ಟವರಾದ ಸಚಿನ್ ಅಂದೂರೆ ಹಾಗೂ ಶರದ್ ಕಲಸ್ಕರ್‌ಗೆ ಜೀವಾವಧಿ ಶಿಕ್ಷೆ ಹಾಗೂ ರೂ 5 ಲಕ್ಷ ದಂಡ ವಿಧಿಸಲಾಗಿದೆ. ಡಾ ವೀರೇಂದ್ರ ಸಿಂಗ್ ತಾವಡೆ, ವಿಕ್ರಮ್ ಭಾವೆ ಮತ್ತು ಸಂಜೀವ್ ಪುನಲೇಕರ್ ಅವರನ್ನು ಖುಲಾಸೆಗೊಳಿಸಲಾಗಿದೆ. ಸಾಮಾಜಿಕ ಕಾರ್ಯಕರ್ತ ಹಾಗೂ ಮಹಾರಾಷ್ಟ್ರ ಅಂಧಶ್ರದ್ಧಾ ನಿರ್ಮೂಲನ ಸಮಿತಿ ಮುಖ್ಯಸ್ಥ ನರೇಂದ್ರ ದಾಭೋಲ್ಕರ್ ಅವರನ್ನು 2013ರ ಆಗಸ್ಟ್ 20ರಂದು ಪುಣೆಯಲ್ಲಿ ಗುಂಡಿಕ್ಕಿ ಹತ್ಯೆ ಮಾಡಲಾಗಿತ್ತು. ದುಷ್ಕರ್ಮಿಗಳ ಗ್ಯಾಂಗಿನ ಗುಂಪು ಈ ಹತ್ಯೆ ನಡೆದಿದೆ ಎಂದು ಆರೋಪಿಸಲಾಗಿತ್ತು. ಪುಣೆಯಲ್ಲಿ ದಾಭೋಲ್ಕರ್ ಅವರ ಹತ್ಯೆ ಬಳಿಕ ಮತ್ತಷ್ಟು
ವಿಚಾರವಾದಿಗಳನ್ನು ಗುರಿಯಾಗಿಸಿ ದಾಳಿ ನಡೆಸಿ ಕೊಲೆಗಳು ನಡೆದಿದ್ದವು. 2015ರ ಫೆಬ್ರವರಿಯಲ್ಲಿ ಗೋವಿಂದ್ ಪನ್ಸಾರೆ, ಅದೇ ವರ್ಷದ ಆಗಸ್ಟ್‌ನಲ್ಲಿ ಕರ್ನಾಟಕದ ಸಂಶೋಧಕ ಎಂಎಂ ಕಲಬುರ್ಗಿ ಹಾಗೂ 2017ರ ಸೆಪ್ಟೆಂಬರ್‌ನಲ್ಲಿ ಬೆಂಗಳೂರಿನಲ್ಲಿ ಮನೆಯ ಹೊರಗೆ ಪತ್ರಕರ್ತೆ ಗೌರಿ ಲಂಕೇಶ್ ಅವರ ಹತ್ಯೆ ಪ್ರಕರಣಗಳಿಗೆ ಸಾಮ್ಯತೆ ಇದ್ದು, ಒಂದೇ ಸಂಘಟನೆಯವರ ಕೈವಾಡ ಇವುಗಳಲ್ಲಿ ಇವೆ ಎಂದು ಆರೋಪಿಸಲಾಗಿತ್ತು. ದಾಭೋಲ್ಕರ್ ಅವರ ಹತ್ಯೆ ಪ್ರಕರಣದ ತನಿಖೆಯನ್ನು ಆರಂಭದಲ್ಲಿ ಪುಣೆ ಪೊಲೀಸರು ನಡೆಸಿದ್ದರು. ಆದರೆ, 2014ರಲ್ಲಿ ಬಾಂಬೆ ಹೈಕೋರ್ಟ್ ಆದೇಶದ ಬಳಿಕ ಕೇಂದ್ರ ತನಿಖಾ ದಳ (ಸಿಬಿಐ) ಪ್ರಕರಣದ ತನಿಖೆಯನ್ನು ವಹಿಸಿಕೊಂಡಿತ್ತು. 2016ರ
ಜೂನ್‌ನಲ್ಲಿ ಅದು ಹಿಂದೂ ಬಲ ಪಂಥೀಯ ಸಂಘಟನೆ ಸನಾತನ ಸಂಸ್ಥೆ ಜೊತೆ ನಂಟು ಹೊಂದಿರುವ ಇಎನ್‌ಟಿ ಸರ್ಜನ್ ಡಾ ವೀರೇಂದ್ರಸಿಂಹ ತಾವಡೆಯನ್ನು ಬಂಧಿಸಿತ್ತು. ದಾಭೋಲ್ಕರ್ ಹತ್ಯೆಯ ಮಾಸ್ಟರ್ ಮೈಂಡ್‌ಗಳಲ್ಲಿ ತಾವಡೆ ಕೂಡ ಒಬ್ಬರು ಎಂದು ಪ್ರಾಸಿಕ್ಯೂಷನ್ ವಾದಿಸಿತ್ತು. ತಾವಡೆ ಮತ್ತು ಇತರ ಆರೋಪಿಗಳು ನಂಟು ಹೊಂದಿರುವ ಸನಾತನ ಸಂಸ್ಥಾ ಸಂಘಟನೆಯು ದಾಭೋಲ್ಕರ್ ಅವರ ಮಹಾರಾಷ್ಟ್ರ ಅಂಧಶ್ರದ್ಧಾ ನಿರ್ಮೂಲನ ಸಮಿತಿ ನಡೆಸುತ್ತಿದ್ದ ಚಟುವಟಿಕೆಗಳನ್ನು ವಿರೋಧಿಸುತ್ತಿತ್ತು ಎಂದು ಅದು ತಿಳಿಸಿತ್ತು.
ಪ್ರವೀಣ್ ನೆಟ್ಟಾರು ಹತ್ಯೆ ಪ್ರಕರಣ: ಪ್ರಮುಖ ಆರೋಪಿ ಬಂಧನ
ಬದಲಾವಣೆ ಸುದ್ದಿ
ಮಂಗಳೂರು: ಬಿಜೆಪಿ ಮುಖಂಡ ಪ್ರವೀಣ್ ನೆಟ್ಟಾರು ಹತ್ಯೆ ಪ್ರಕರಣಕ್ಕೆ ಸಂಬಂಧಿಸಿದಂತೆ ಪ್ರಮುಖ ಆರೋಪಿಯನ್ನು ರಾಷ್ಟ್ರೀಯ ತನಿಖಾ ಸಂಸ್ಥೆ ಅಧಿಕಾರಿಗಳು ಬಂಧನಕ್ಕೊಳಪಡಿಸಿದ್ದಾರೆಂದು ಶುಕ್ರವಾರ ತಿಳಿದುಬಂದಿದೆ. ಮುಸ್ತಫಾ ಪೈಚಾರ್ ಬಂಧಿತ ಆರೋಪಿ. ಶುಕ್ರವಾರ ಬೆಳಗ್ಗೆ ಹಾಸನ ಜಿಲ್ಲೆ ಸಕಲೇಶಪುರದ ಆನೆಮಹಲ್ ಆನೆಮಹಲ್ ಬಳಿ ಬಂಧಿಸಲಾಗಿದೆ ಎಂದು ರಾಷ್ಟ್ರೀಯ ತನಿಖಾ ದಳ ಮೂಲಗಳು ತಿಳಿಸಿವೆ. ಆರೋಪಿಯನ್ನು ಅಧಿಕಾರಿಗಳು ಬೆಂಗಳೂರು ಎನ್‌ಐಎ ಕಚೇರಿಗೆ
ಕರೆದೊಯ್ದಿದ್ದಾರೆಂದು ತಿಳಿದುಬಂದಿದೆ. ದಕ್ಷಿಣ ಕನ್ನಡ ಜಿಲ್ಲೆಯ ಸುಳ್ಯ ತಾಲೂಕಿನ ಬೆಳ್ಳಾರೆ ಬಳಿ ಅಕ್ಷಯ್ ಕೋಳಿ ಅಂಗಡಿ ಹೊಂದಿದ್ದ ಬಿಜೆಪಿ ಯುವ ಮೋರ್ಚಾ ಸದಸ್ಯ ಪ್ರವೀಣ್ ಕುಮಾರ್ ಅವರು 2022ರ ಜುಲೈ 26ರಂದು ರಾತ್ರಿ 8 ಗಂಟೆಗೆ ಅಂಗಡಿ ಮುಚ್ಚಿ ಮನೆ ಕಡೆ ಹೊರಡುವಾಗ ಬೈಕಿನಲ್ಲಿ ಬಂದಿದ್ದ ಮೂವರು ದುಷ್ಕರ್ಮಿಗಳು ಮಾರಣಾಂತಿಕ ಹಲ್ಲೆ ನಡೆಸಿದ್ದರು. ಶಸ್ತ್ರ ಪ್ರಹಾರದಿಂದ ಆಸ್ಪತ್ರೆಗೆ ದಾಖಲಿಸಿದರೂ ಚಿಕಿತ್ಸೆ ಫಲಕಾರಿಯಾಗದೆ ಮೃತಪಟ್ಟಿದ್ದರು.
ಸಂಬಂಧ ಈವರೆಗೆ ಹಲವಾರು ಮಂದಿಯನ್ನು ಬಂಧಿಸಿ ತನಿಖೆ ನಡೆಸಲಾಗಿದೆ. ಪ್ರಮುಖ ಆರೋಪಿಗಳ ಪತ್ತೆಗೆ ಮಾಹಿತಿ ನೀಡಿದವರಿಗೆ ಬಹುಮಾನ ಘೋಷಿಸಲಾಗಿತ್ತು. ಪ್ರಕರಣದಲ್ಲಿ ಈಗಾಗಲೇ 20 ಜನರ ವಿರುದ್ಧ ಆರೋಪಪಟ್ಟಿ ಸಲ್ಲಿಸಲಾಗಿದೆ. ಎನ್‌ಐಎ ಚಾರ್ಜ್‌ಶೀಟ್‌ನಲ್ಲಿ ಹೆಸರಿಸಲಾಗಿದ್ದ ತಲೆಮರೆಸಿಕೊಂಡಿದ್ದ ಆರೋಪಿಗಳ ಪೈಕಿ ಮುಸ್ತಫಾ ಪ್ರಮುಖನಾಗಿದ್ದು, ಈತನ ಸುಳಿವು ನೀಡಿದವರಿಗೆ ಬಹುಮಾನ ಘೋಷಿಸಲಾಗಿತ್ತು. ಇದೀಗ ಆರೋಪಿಯನ್ನು ಬಂಧಿಸಲಾಗಿದ್ದು, ಹೆಚ್ಚಿನ ತನಿಖೆ ನಡೆಯುತ್ತಿದೆ ಎಂದು ತಿಳಿಸಿವೆ.
Edited, printed, Published and Owned by MANJUNATH G. GONDBAL At Vishwa Offset Printers and Publishers, Taluka Panchayath Complex, Koppal - 583 231.
Karanataka phone : 9483468333, 9448300070, email : badalavanedailykoppal@gmail.com
CMYK
